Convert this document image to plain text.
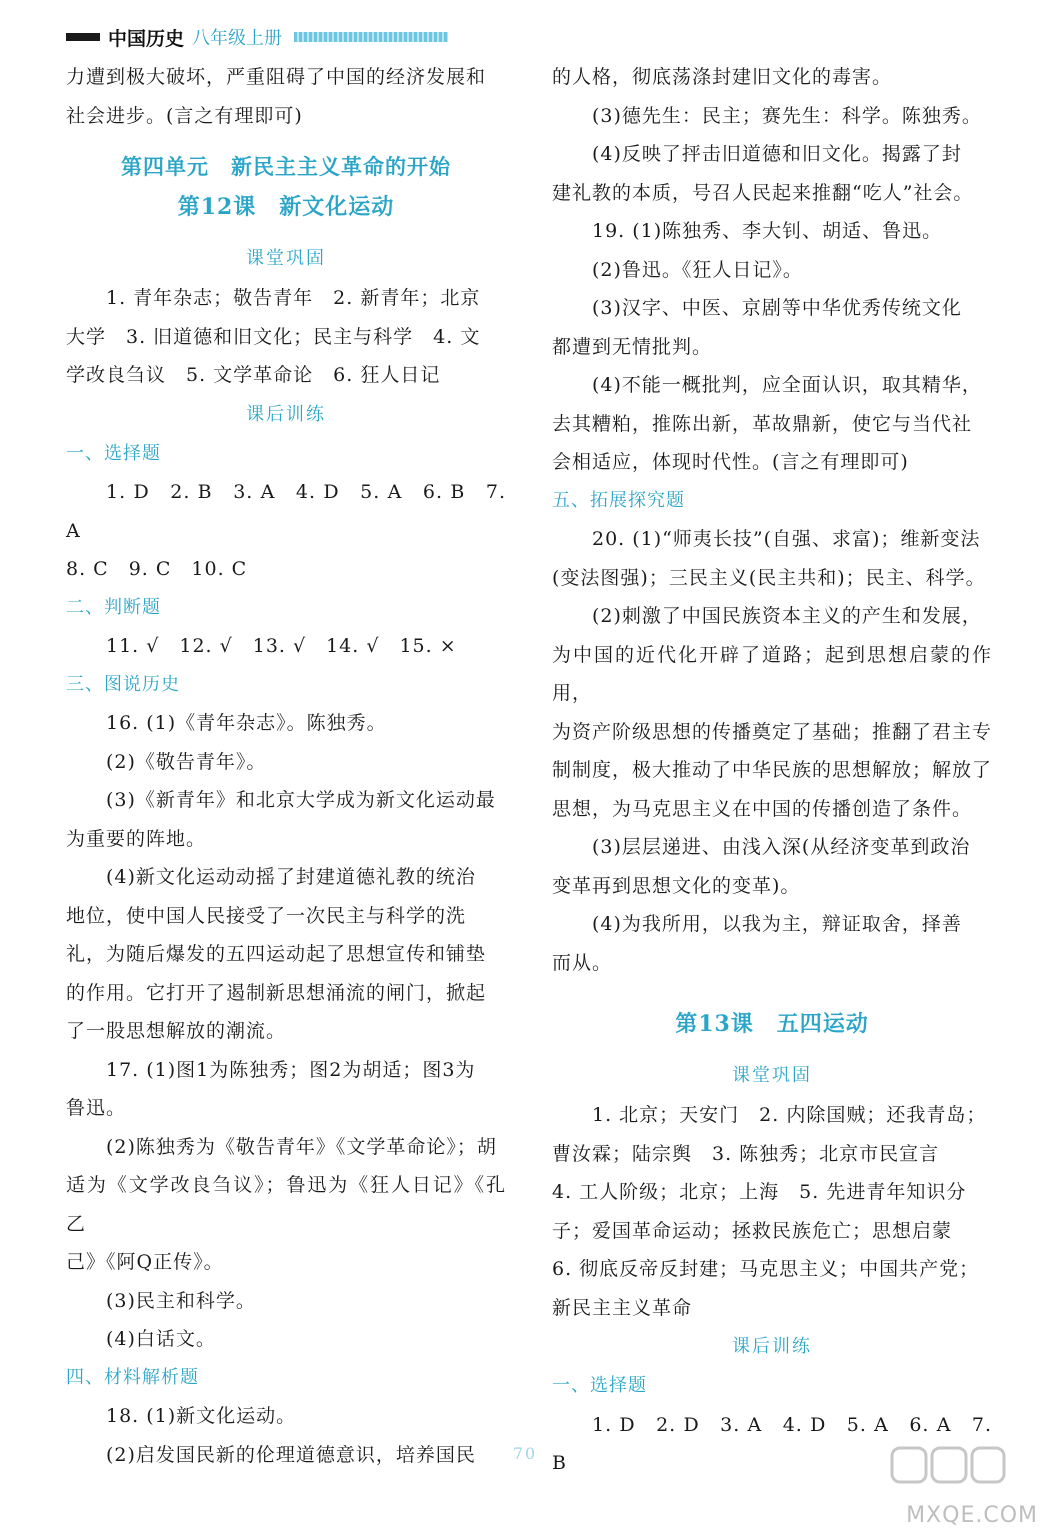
中国历史 八年级上册

力遭到极大破坏，严重阻碍了中国的经济发展和

社会进步。(言之有理即可)

第四单元　新民主主义革命的开始

第12课　新文化运动

课堂巩固

1. 青年杂志；敬告青年　2. 新青年；北京

大学　3. 旧道德和旧文化；民主与科学　4. 文

学改良刍议　5. 文学革命论　6. 狂人日记

课后训练

一、选择题

1. D　2. B　3. A　4. D　5. A　6. B　7. A

8. C　9. C　10. C

二、判断题

11. √　12. √　13. √　14. √　15. ×

三、图说历史

16. (1)《青年杂志》。陈独秀。

(2)《敬告青年》。

(3)《新青年》和北京大学成为新文化运动最

为重要的阵地。

(4)新文化运动动摇了封建道德礼教的统治

地位，使中国人民接受了一次民主与科学的洗

礼，为随后爆发的五四运动起了思想宣传和铺垫

的作用。它打开了遏制新思想涌流的闸门，掀起

了一股思想解放的潮流。

17. (1)图1为陈独秀；图2为胡适；图3为

鲁迅。

(2)陈独秀为《敬告青年》《文学革命论》；胡

适为《文学改良刍议》；鲁迅为《狂人日记》《孔乙

己》《阿Q正传》。

(3)民主和科学。

(4)白话文。

四、材料解析题

18. (1)新文化运动。

(2)启发国民新的伦理道德意识，培养国民

的人格，彻底荡涤封建旧文化的毒害。

(3)德先生：民主；赛先生：科学。陈独秀。

(4)反映了抨击旧道德和旧文化。揭露了封

建礼教的本质，号召人民起来推翻“吃人”社会。

19. (1)陈独秀、李大钊、胡适、鲁迅。

(2)鲁迅。《狂人日记》。

(3)汉字、中医、京剧等中华优秀传统文化

都遭到无情批判。

(4)不能一概批判，应全面认识，取其精华，

去其糟粕，推陈出新，革故鼎新，使它与当代社

会相适应，体现时代性。(言之有理即可)

五、拓展探究题

20. (1)“师夷长技”(自强、求富)；维新变法

(变法图强)；三民主义(民主共和)；民主、科学。

(2)刺激了中国民族资本主义的产生和发展，

为中国的近代化开辟了道路；起到思想启蒙的作用，

为资产阶级思想的传播奠定了基础；推翻了君主专

制制度，极大推动了中华民族的思想解放；解放了

思想，为马克思主义在中国的传播创造了条件。

(3)层层递进、由浅入深(从经济变革到政治

变革再到思想文化的变革)。

(4)为我所用，以我为主，辩证取舍，择善

而从。

第13课　五四运动

课堂巩固

1. 北京；天安门　2. 内除国贼；还我青岛；

曹汝霖；陆宗舆　3. 陈独秀；北京市民宣言

4. 工人阶级；北京；上海　5. 先进青年知识分

子；爱国革命运动；拯救民族危亡；思想启蒙

6. 彻底反帝反封建；马克思主义；中国共产党；

新民主主义革命

课后训练

一、选择题

1. D　2. D　3. A　4. D　5. A　6. A　7. B

70
MXQE.COM
